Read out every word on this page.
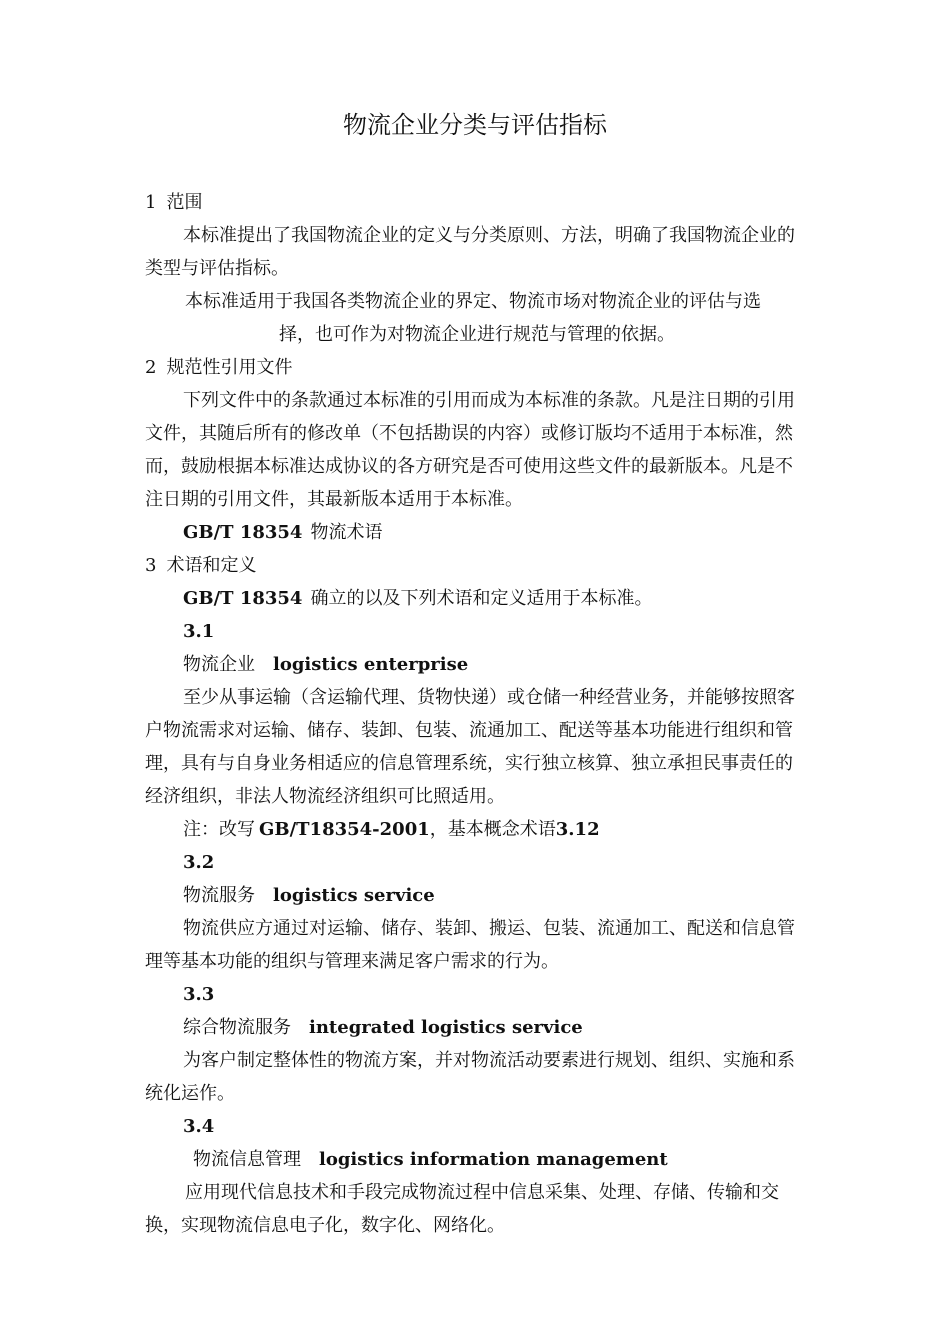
物流企业分类与评估指标

1 范围

本标准提出了我国物流企业的定义与分类原则、方法，明确了我国物流企业的类型与评估指标。

本标准适用于我国各类物流企业的界定、物流市场对物流企业的评估与选

择，也可作为对物流企业进行规范与管理的依据。

2 规范性引用文件

下列文件中的条款通过本标准的引用而成为本标准的条款。凡是注日期的引用文件，其随后所有的修改单（不包括勘误的内容）或修订版均不适用于本标准，然而，鼓励根据本标准达成协议的各方研究是否可使用这些文件的最新版本。凡是不注日期的引用文件，其最新版本适用于本标准。

GB/T 18354 物流术语

3 术语和定义

GB/T 18354 确立的以及下列术语和定义适用于本标准。

3.1

物流企业 logistics enterprise

至少从事运输（含运输代理、货物快递）或仓储一种经营业务，并能够按照客户物流需求对运输、储存、装卸、包装、流通加工、配送等基本功能进行组织和管理，具有与自身业务相适应的信息管理系统，实行独立核算、独立承担民事责任的经济组织，非法人物流经济组织可比照适用。

注：改写 GB/T18354-2001，基本概念术语3.12

3.2

物流服务 logistics service

物流供应方通过对运输、储存、装卸、搬运、包装、流通加工、配送和信息管理等基本功能的组织与管理来满足客户需求的行为。

3.3

综合物流服务 integrated logistics service

为客户制定整体性的物流方案，并对物流活动要素进行规划、组织、实施和系统化运作。

3.4

物流信息管理 logistics information management

应用现代信息技术和手段完成物流过程中信息采集、处理、存储、传输和交换，实现物流信息电子化，数字化、网络化。
